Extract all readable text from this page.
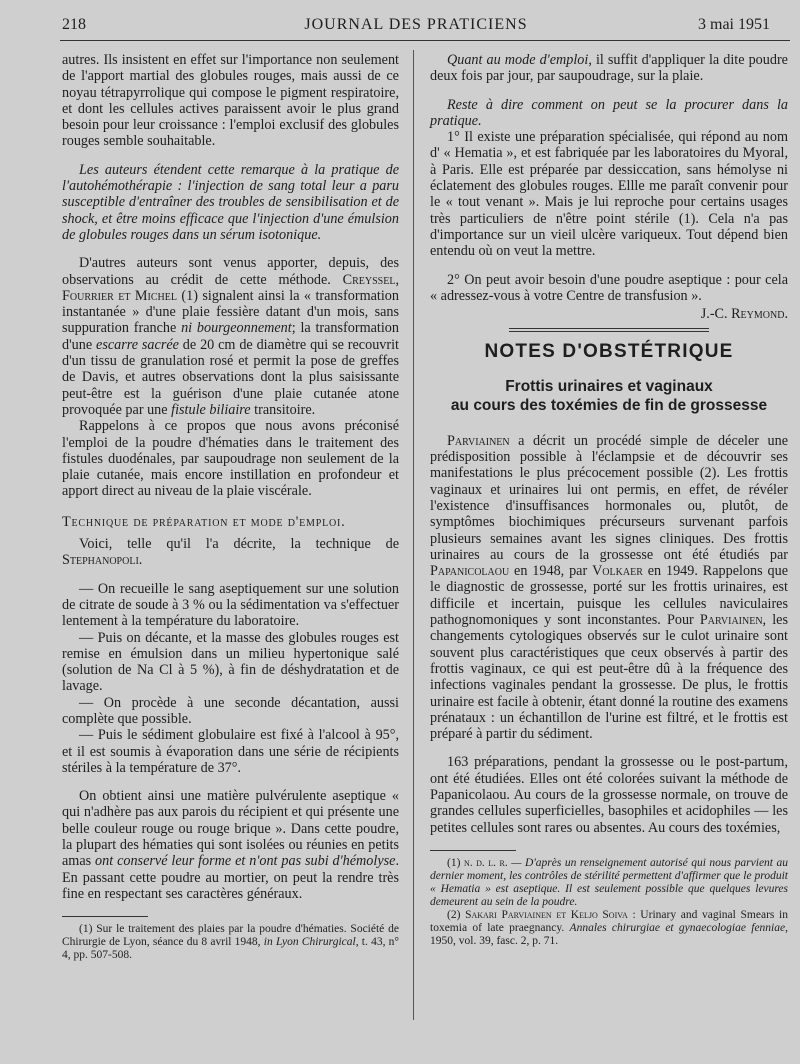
218	JOURNAL DES PRATICIENS	3 mai 1951

autres. Ils insistent en effet sur l'importance non seulement de l'apport martial des globules rouges, mais aussi de ce noyau tétrapyrrolique qui compose le pigment respiratoire, et dont les cellules actives paraissent avoir le plus grand besoin pour leur croissance : l'emploi exclusif des globules rouges semble souhaitable.

Les auteurs étendent cette remarque à la pratique de l'autohémothérapie : l'injection de sang total leur a paru susceptible d'entraîner des troubles de sensibilisation et de shock, et être moins efficace que l'injection d'une émulsion de globules rouges dans un sérum isotonique.

D'autres auteurs sont venus apporter, depuis, des observations au crédit de cette méthode. Creyssel, Fourrier et Michel (1) signalent ainsi la « transformation instantanée » d'une plaie fessière datant d'un mois, sans suppuration franche ni bourgeonnement; la transformation d'une escarre sacrée de 20 cm de diamètre qui se recouvrit d'un tissu de granulation rosé et permit la pose de greffes de Davis, et autres observations dont la plus saisissante peut-être est la guérison d'une plaie cutanée atone provoquée par une fistule biliaire transitoire.

Rappelons à ce propos que nous avons préconisé l'emploi de la poudre d'hématies dans le traitement des fistules duodénales, par saupoudrage non seulement de la plaie cutanée, mais encore instillation en profondeur et apport direct au niveau de la plaie viscérale.

Technique de préparation et mode d'emploi.

Voici, telle qu'il l'a décrite, la technique de Stephanopoli.

— On recueille le sang aseptiquement sur une solution de citrate de soude à 3 % ou la sédimentation va s'effectuer lentement à la température du laboratoire.

— Puis on décante, et la masse des globules rouges est remise en émulsion dans un milieu hypertonique salé (solution de Na Cl à 5 %), à fin de déshydratation et de lavage.

— On procède à une seconde décantation, aussi complète que possible.

— Puis le sédiment globulaire est fixé à l'alcool à 95°, et il est soumis à évaporation dans une série de récipients stériles à la température de 37°.

On obtient ainsi une matière pulvérulente aseptique « qui n'adhère pas aux parois du récipient et qui présente une belle couleur rouge ou rouge brique ». Dans cette poudre, la plupart des hématies qui sont isolées ou réunies en petits amas ont conservé leur forme et n'ont pas subi d'hémolyse. En passant cette poudre au mortier, on peut la rendre très fine en respectant ses caractères généraux.

(1) Sur le traitement des plaies par la poudre d'hématies. Société de Chirurgie de Lyon, séance du 8 avril 1948, in Lyon Chirurgical, t. 43, n° 4, pp. 507-508.

Quant au mode d'emploi, il suffit d'appliquer la dite poudre deux fois par jour, par saupoudrage, sur la plaie.

Reste à dire comment on peut se la procurer dans la pratique.

1° Il existe une préparation spécialisée, qui répond au nom d' « Hematia », et est fabriquée par les laboratoires du Myoral, à Paris. Elle est préparée par dessiccation, sans hémolyse ni éclatement des globules rouges. Ellle me paraît convenir pour le « tout venant ». Mais je lui reproche pour certains usages très particuliers de n'être point stérile (1). Cela n'a pas d'importance sur un vieil ulcère variqueux. Tout dépend bien entendu où on veut la mettre.

2° On peut avoir besoin d'une poudre aseptique : pour cela « adressez-vous à votre Centre de transfusion ».

J.-C. Reymond.

NOTES D'OBSTÉTRIQUE
Frottis urinaires et vaginaux
au cours des toxémies de fin de grossesse

Parviainen a décrit un procédé simple de déceler une prédisposition possible à l'éclampsie et de découvrir ses manifestations le plus précocement possible (2). Les frottis vaginaux et urinaires lui ont permis, en effet, de révéler l'existence d'insuffisances hormonales ou, plutôt, de symptômes biochimiques précurseurs survenant parfois plusieurs semaines avant les signes cliniques. Des frottis urinaires au cours de la grossesse ont été étudiés par Papanicolaou en 1948, par Volkaer en 1949. Rappelons que le diagnostic de grossesse, porté sur les frottis urinaires, est difficile et incertain, puisque les cellules naviculaires pathognomoniques y sont inconstantes. Pour Parviainen, les changements cytologiques observés sur le culot urinaire sont souvent plus caractéristiques que ceux observés à partir des frottis vaginaux, ce qui est peut-être dû à la fréquence des infections vaginales pendant la grossesse. De plus, le frottis urinaire est facile à obtenir, étant donné la routine des examens prénataux : un échantillon de l'urine est filtré, et le frottis est préparé à partir du sédiment.

163 préparations, pendant la grossesse ou le post-partum, ont été étudiées. Elles ont été colorées suivant la méthode de Papanicolaou. Au cours de la grossesse normale, on trouve de grandes cellules superficielles, basophiles et acidophiles — les petites cellules sont rares ou absentes. Au cours des toxémies,

(1) n. d. l. r. — D'après un renseignement autorisé qui nous parvient au dernier moment, les contrôles de stérilité permettent d'affirmer que le produit « Hematia » est aseptique. Il est seulement possible que quelques levures demeurent au sein de la poudre.

(2) Sakari Parviainen et Keljo Soiva : Urinary and vaginal Smears in toxemia of late praegnancy. Annales chirurgiae et gynaecologiae fenniae, 1950, vol. 39, fasc. 2, p. 71.
